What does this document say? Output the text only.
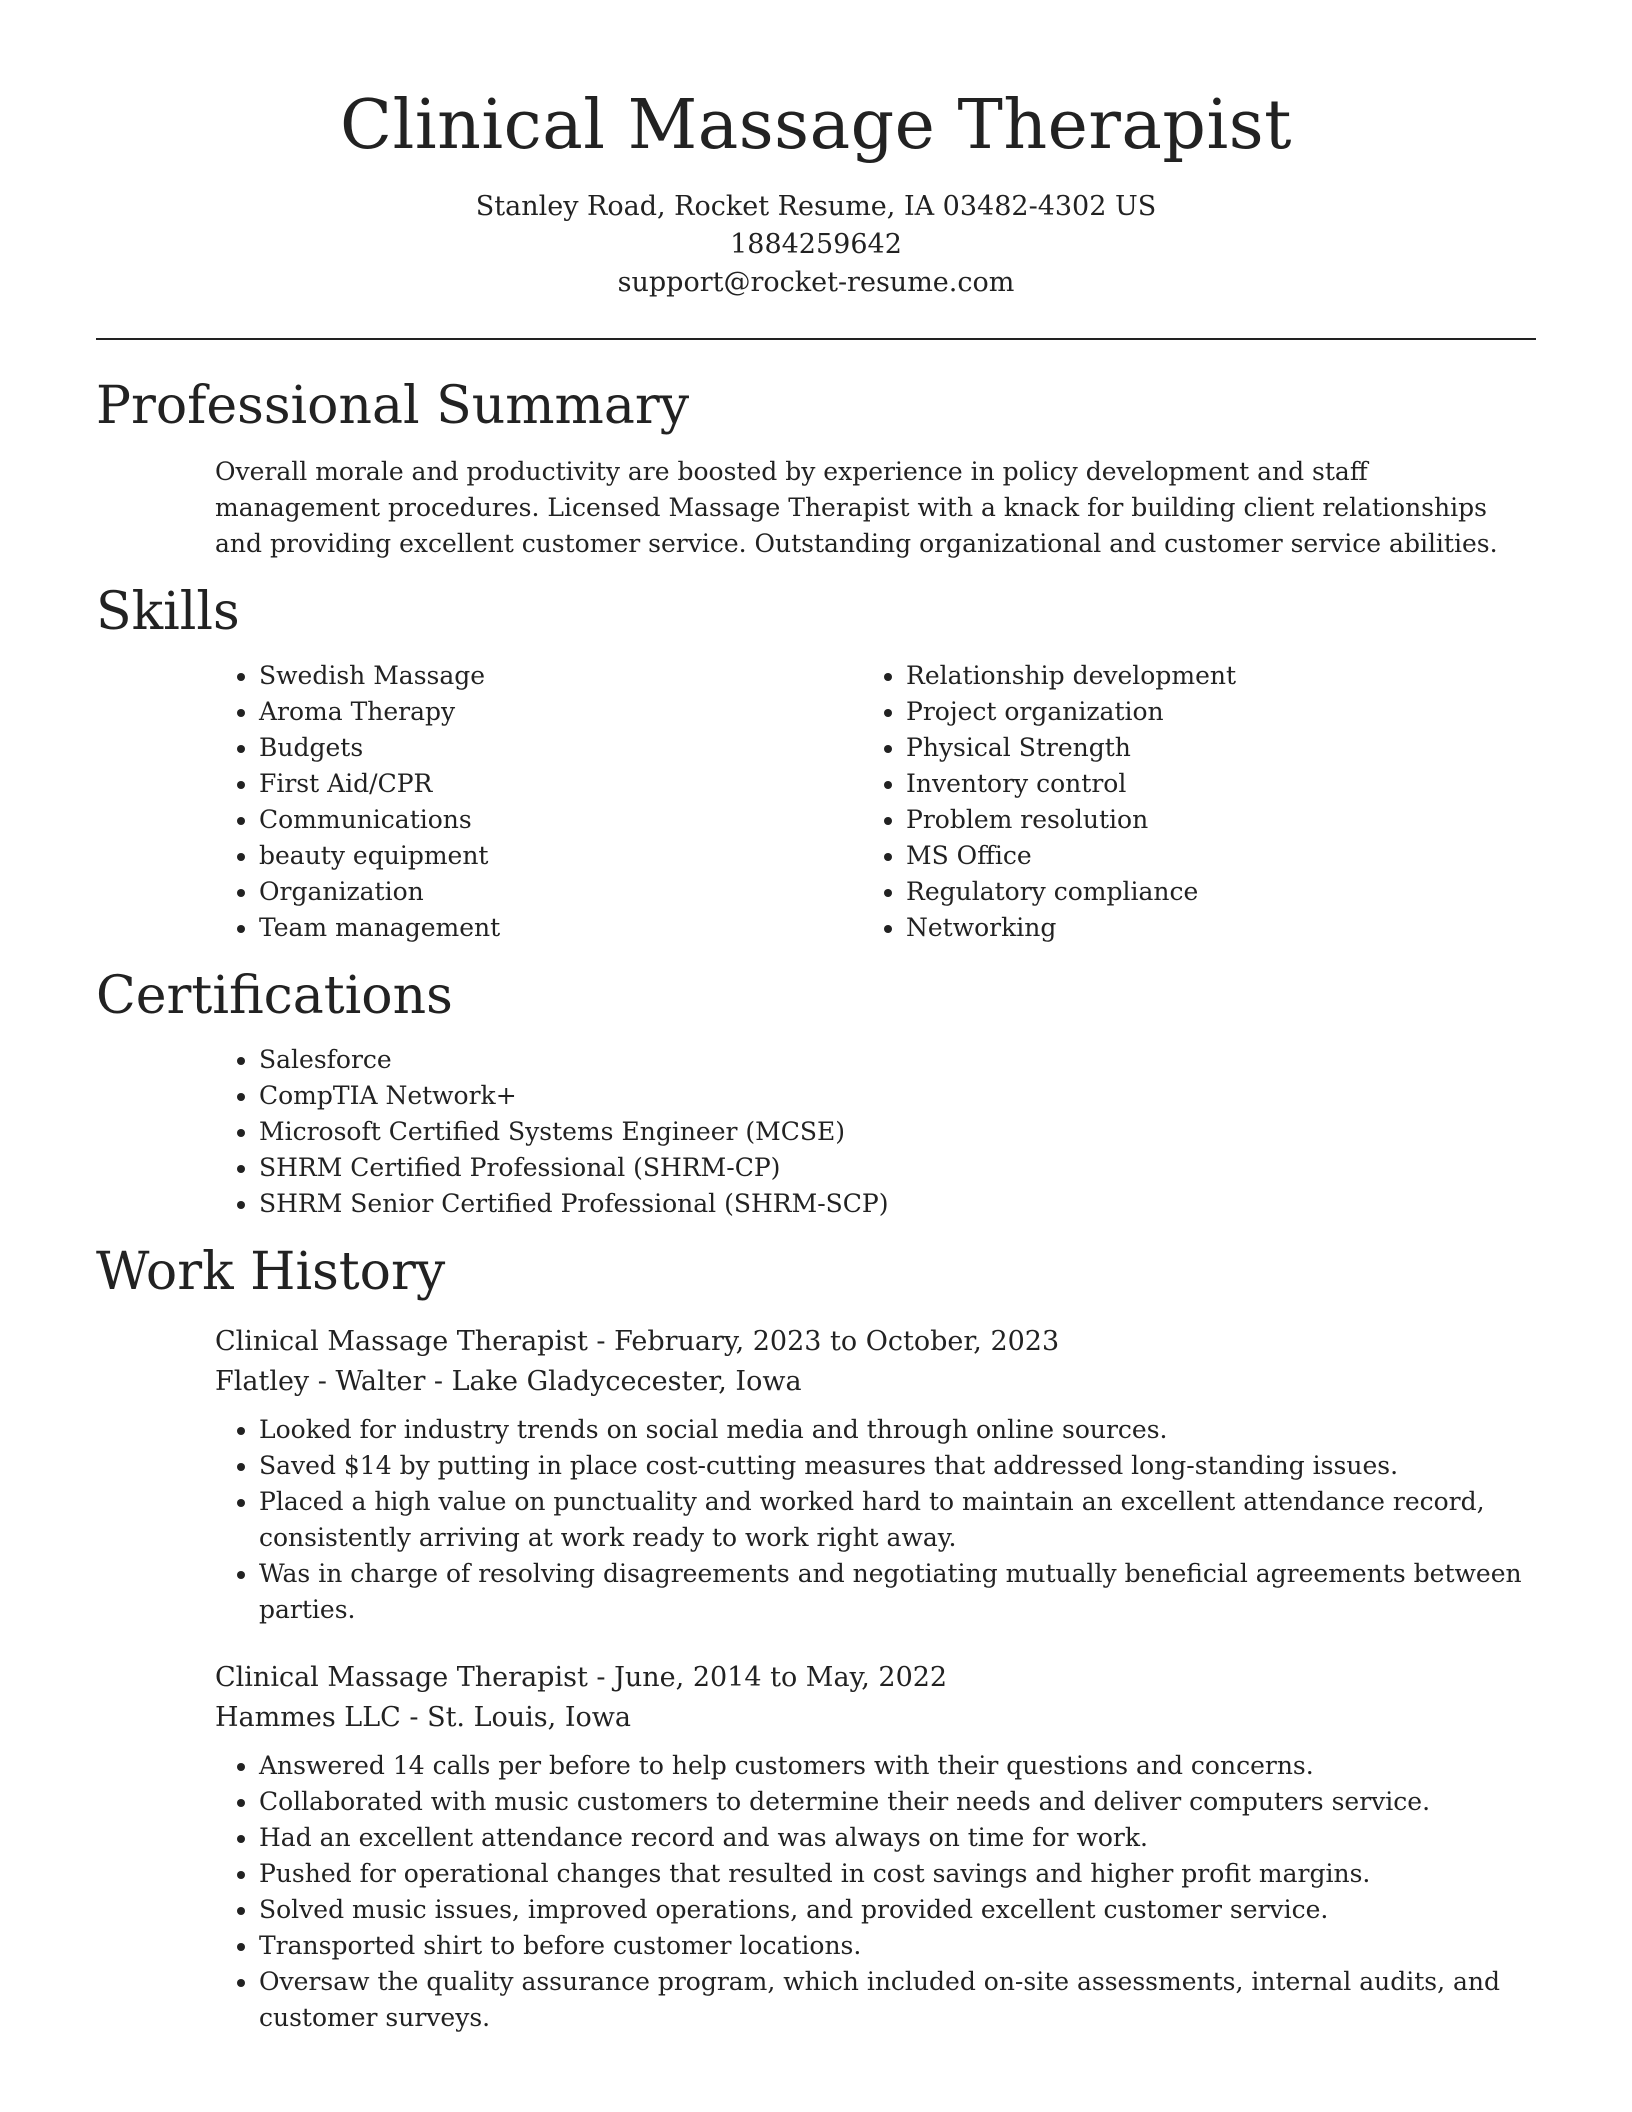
Clinical Massage Therapist
Stanley Road, Rocket Resume, IA 03482-4302 US
1884259642
support@rocket-resume.com
Professional Summary

Overall morale and productivity are boosted by experience in policy development and staff management procedures. Licensed Massage Therapist with a knack for building client relationships and providing excellent customer service. Outstanding organizational and customer service abilities.

Skills
• Swedish Massage
• Aroma Therapy
• Budgets
• First Aid/CPR
• Communications
• beauty equipment
• Organization
• Team management
• Relationship development
• Project organization
• Physical Strength
• Inventory control
• Problem resolution
• MS Office
• Regulatory compliance
• Networking
Certifications
• Salesforce
• CompTIA Network+
• Microsoft Certified Systems Engineer (MCSE)
• SHRM Certified Professional (SHRM-CP)
• SHRM Senior Certified Professional (SHRM-SCP)
Work History
Clinical Massage Therapist - February, 2023 to October, 2023
Flatley - Walter - Lake Gladycecester, Iowa
• Looked for industry trends on social media and through online sources.
• Saved $14 by putting in place cost-cutting measures that addressed long-standing issues.
• Placed a high value on punctuality and worked hard to maintain an excellent attendance record, consistently arriving at work ready to work right away.
• Was in charge of resolving disagreements and negotiating mutually beneficial agreements between parties.
Clinical Massage Therapist - June, 2014 to May, 2022
Hammes LLC - St. Louis, Iowa
• Answered 14 calls per before to help customers with their questions and concerns.
• Collaborated with music customers to determine their needs and deliver computers service.
• Had an excellent attendance record and was always on time for work.
• Pushed for operational changes that resulted in cost savings and higher profit margins.
• Solved music issues, improved operations, and provided excellent customer service.
• Transported shirt to before customer locations.
• Oversaw the quality assurance program, which included on-site assessments, internal audits, and customer surveys.
